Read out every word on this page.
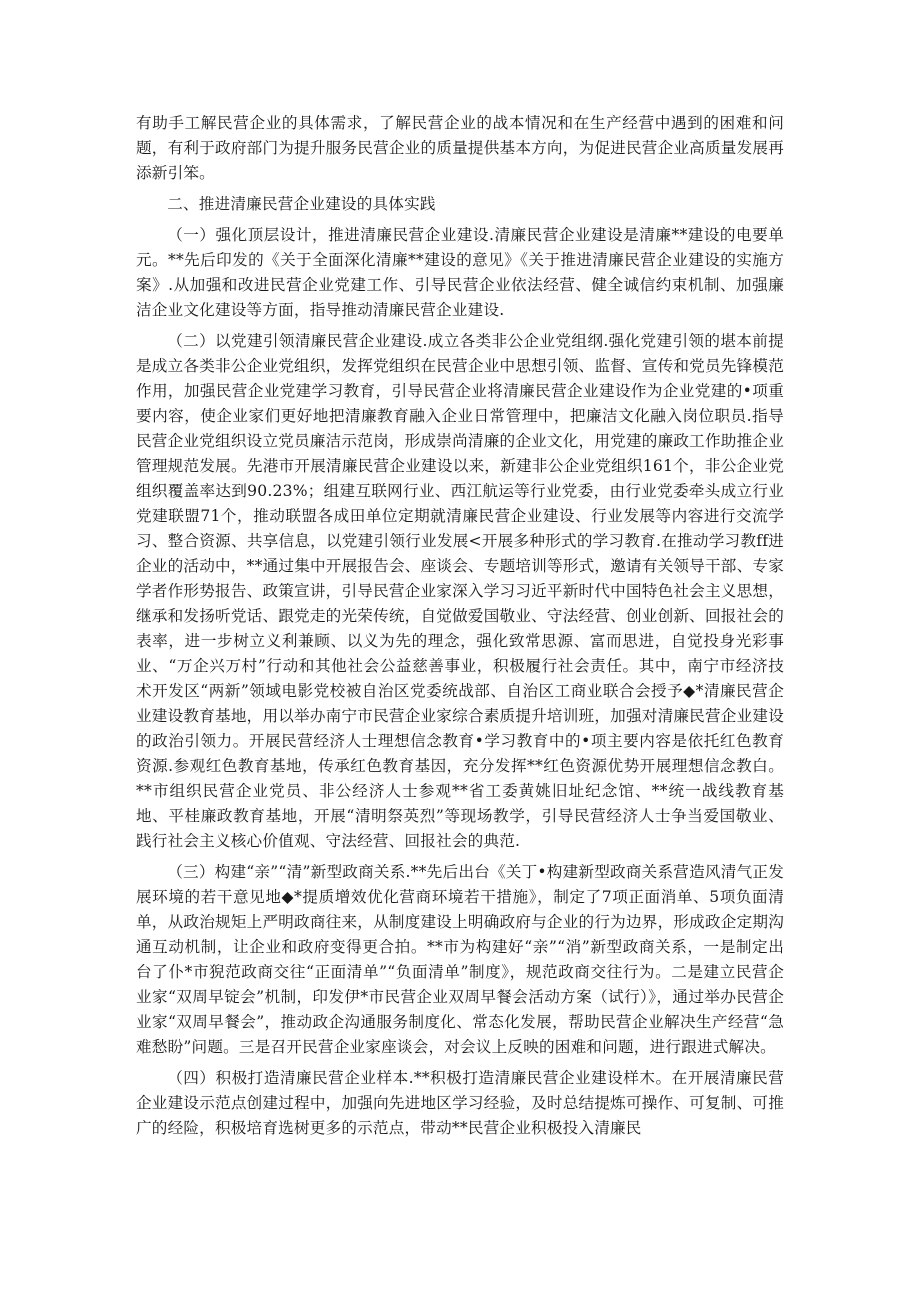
有助手工解民营企业的具体需求，了解民营企业的战本情况和在生产经营中遇到的困难和问题，有利于政府部门为提升服务民营企业的质量提供基本方向，为促进民营企业高质量发展再添新引笨。

二、推进清廉民营企业建设的具体实践

（一）强化顶层设计，推进清廉民营企业建设.清廉民营企业建设是清廉**建设的电要单元。**先后印发的《关于全面深化清廉**建设的意见》《关于推进清廉民营企业建设的实施方案》.从加强和改进民营企业党建工作、引导民营企业依法经营、健全诚信约束机制、加强廉洁企业文化建设等方面，指导推动清廉民营企业建设.

（二）以党建引领清廉民营企业建设.成立各类非公企业党组纲.强化党建引领的堪本前提是成立各类非公企业党组织，发挥党组织在民营企业中思想引领、监督、宣传和党员先锋模范作用，加强民营企业党建学习教育，引导民营企业将清廉民营企业建设作为企业党建的•项重要内容，使企业家们更好地把清廉教育融入企业日常管理中，把廉洁文化融入岗位职员.指导民营企业党组织设立党员廉洁示范岗，形成崇尚清廉的企业文化，用党建的廉政工作助推企业管理规范发展。先港市开展清廉民营企业建设以来，新建非公企业党组织161个，非公企业党组织覆盖率达到90.23%；组建互联网行业、西江航运等行业党委，由行业党委牵头成立行业党建联盟71个，推动联盟各成田单位定期就清廉民营企业建设、行业发展等内容进行交流学习、整合资源、共享信息，以党建引领行业发展<开展多种形式的学习教育.在推动学习教ff进企业的活动中，**通过集中开展报告会、座谈会、专题培训等形式，邀请有关领导干部、专家学者作形势报告、政策宣讲，引导民营企业家深入学习习近平新时代中国特色社会主义思想，继承和发扬听党话、跟党走的光荣传统，自觉做爱国敬业、守法经营、创业创新、回报社会的表率，进一步树立义利兼顾、以义为先的理念，强化致常思源、富而思进，自觉投身光彩事业、“万企兴万村”行动和其他社会公益慈善事业，积极履行社会责任。其中，南宁市经济技术开发区“两新”领域电影党校被自治区党委统战部、自治区工商业联合会授予◆*清廉民营企业建设教育基地，用以举办南宁市民营企业家综合素质提升培训班，加强对清廉民营企业建设的政治引领力。开展民营经济人士理想信念教育•学习教育中的•项主要内容是依托红色教育资源.参观红色教育基地，传承红色教育基因，充分发挥**红色资源优势开展理想信念教白。**市组织民营企业党员、非公经济人士参观**省工委黄姚旧址纪念馆、**统一战线教育基地、平桂廉政教育基地，开展“清明祭英烈”等现场教学，引导民营经济人士争当爱国敬业、践行社会主义核心价值观、守法经营、回报社会的典范.

（三）构建“亲”“清”新型政商关系.**先后出台《关丁•构建新型政商关系营造风清气正发展环境的若干意见地◆*提质增效优化营商环境若干措施》，制定了7项正面消单、5项负面清单，从政治规矩上严明政商往来，从制度建设上明确政府与企业的行为边界，形成政企定期沟通互动机制，让企业和政府变得更合拍。**市为构建好“亲”“消”新型政商关系，一是制定出台了仆*市猊范政商交往“正面清单”“负面清单”制度》，规范政商交往行为。二是建立民营企业家“双周早锭会”机制，印发伊*市民营企业双周早餐会活动方案（试行）》，通过举办民营企业家“双周早餐会”，推动政企沟通服务制度化、常态化发展，帮助民营企业解决生产经营“急难愁盼”问题。三是召开民营企业家座谈会，对会议上反映的困难和问题，进行跟进式解决。

（四）积极打造清廉民营企业样本.**积极打造清廉民营企业建设样木。在开展清廉民营企业建设示范点创建过程中，加强向先进地区学习经验，及时总结提炼可操作、可复制、可推广的经险，积极培育选树更多的示范点，带动**民营企业积极投入清廉民
